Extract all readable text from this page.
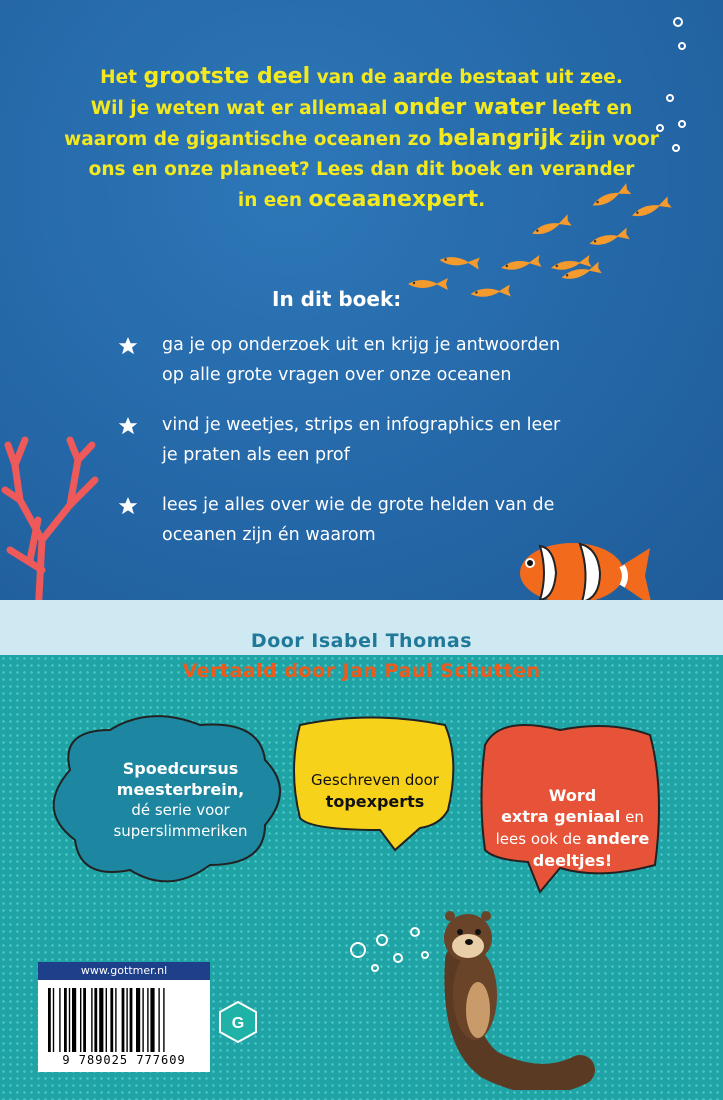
Het grootste deel van de aarde bestaat uit zee.
Wil je weten wat er allemaal onder water leeft en
waarom de gigantische oceanen zo belangrijk zijn voor
ons en onze planeet? Lees dan dit boek en verander
in een oceaanexpert.
In dit boek:
ga je op onderzoek uit en krijg je antwoorden
op alle grote vragen over onze oceanen
vind je weetjes, strips en infographics en leer
je praten als een prof
lees je alles over wie de grote helden van de
oceanen zijn én waarom
Door Isabel Thomas
Vertaald door Jan Paul Schutten
Spoedcursus
meesterbrein,
dé serie voor
superslimmeriken
Geschreven door
topexperts	Word
extra geniaal en
lees ook de andere
deeltjes!
G
www.gottmer.nl
9 789025 777609
